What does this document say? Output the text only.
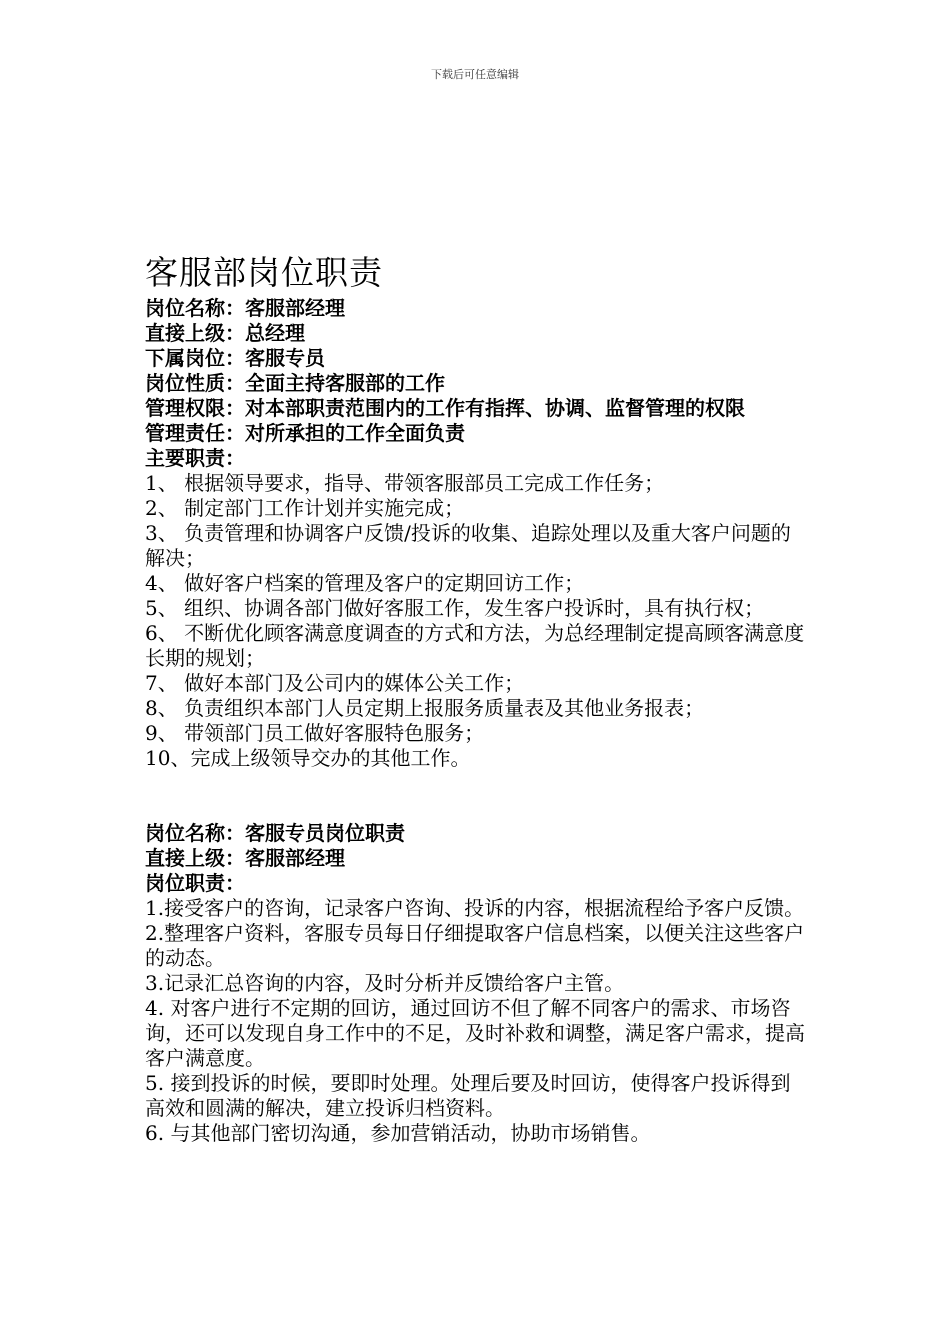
下载后可任意编辑
客服部岗位职责

岗位名称：客服部经理

直接上级：总经理

下属岗位：客服专员

岗位性质：全面主持客服部的工作

管理权限：对本部职责范围内的工作有指挥、协调、监督管理的权限

管理责任：对所承担的工作全面负责

主要职责：

1、 根据领导要求，指导、带领客服部员工完成工作任务；

2、 制定部门工作计划并实施完成；

3、 负责管理和协调客户反馈/投诉的收集、追踪处理以及重大客户问题的解决；

4、 做好客户档案的管理及客户的定期回访工作；

5、 组织、协调各部门做好客服工作，发生客户投诉时，具有执行权；

6、 不断优化顾客满意度调查的方式和方法，为总经理制定提高顾客满意度长期的规划；

7、 做好本部门及公司内的媒体公关工作；

8、 负责组织本部门人员定期上报服务质量表及其他业务报表；

9、 带领部门员工做好客服特色服务；

10、完成上级领导交办的其他工作。

岗位名称：客服专员岗位职责

直接上级：客服部经理

岗位职责：

1.接受客户的咨询，记录客户咨询、投诉的内容，根据流程给予客户反馈。

2.整理客户资料，客服专员每日仔细提取客户信息档案，以便关注这些客户的动态。

3.记录汇总咨询的内容，及时分析并反馈给客户主管。

4. 对客户进行不定期的回访，通过回访不但了解不同客户的需求、市场咨询，还可以发现自身工作中的不足，及时补救和调整，满足客户需求，提高客户满意度。

5. 接到投诉的时候，要即时处理。处理后要及时回访，使得客户投诉得到高效和圆满的解决，建立投诉归档资料。

6. 与其他部门密切沟通，参加营销活动，协助市场销售。
